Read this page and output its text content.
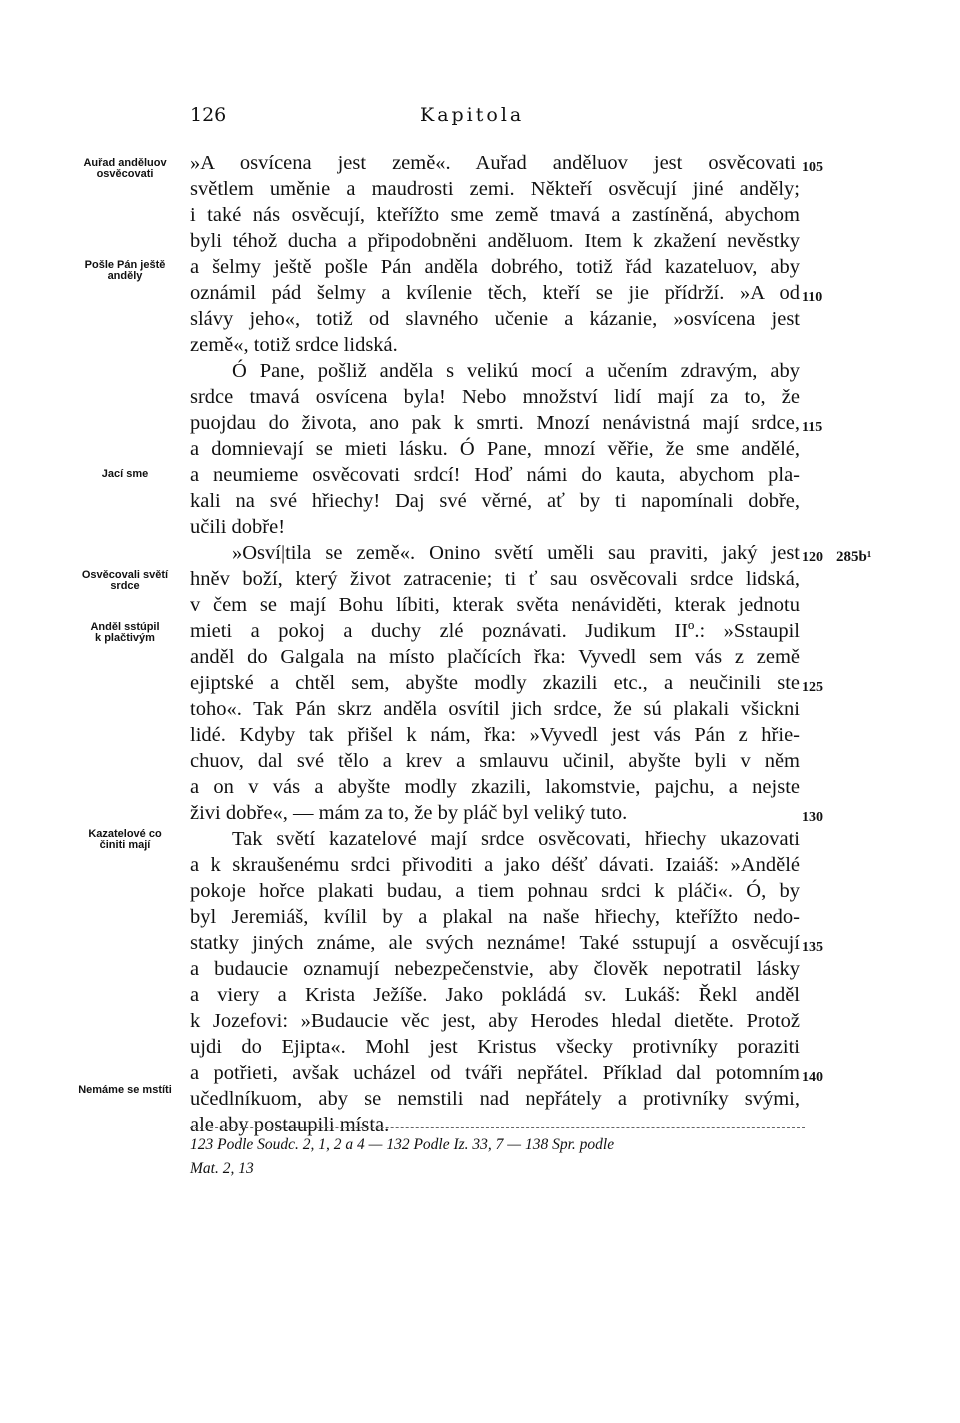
126	Kapitola
»A osvícena jest země«. Auřad anděluov jest osvěcovati
světlem uměnie a maudrosti zemi. Někteří osvěcují jiné anděly;
i také nás osvěcují, kteřížto sme země tmavá a zastíněná, abychom
byli téhož ducha a připodobněni anděluom. Item k zkažení nevěstky
a šelmy ještě pošle Pán anděla dobrého, totiž řád kazateluov, aby
oznámil pád šelmy a kvílenie těch, kteří se jie přídrží. »A od
slávy jeho«, totiž od slavného učenie a kázanie, »osvícena jest
země«, totiž srdce lidská.
Ó Pane, pošliž anděla s velikú mocí a učením zdravým, aby
srdce tmavá osvícena byla! Nebo množství lidí mají za to, že
puojdau do života, ano pak k smrti. Mnozí nenávistná mají srdce,
a domnievají se mieti lásku. Ó Pane, mnozí věřie, že sme andělé,
a neumieme osvěcovati srdcí! Hoď námi do kauta, abychom pla-
kali na své hřiechy! Daj své věrné, ať by ti napomínali dobře,
učili dobře!
»Osví|tila se země«. Onino světí uměli sau praviti, jaký jest
hněv boží, který život zatracenie; ti ť sau osvěcovali srdce lidská,
v čem se mají Bohu líbiti, kterak světa nenáviděti, kterak jednotu
mieti a pokoj a duchy zlé poznávati. Judikum IIº.: »Sstaupil
anděl do Galgala na místo plačících řka: Vyvedl sem vás z země
ejiptské a chtěl sem, abyšte modly zkazili etc., a neučinili ste
toho«. Tak Pán skrz anděla osvítil jich srdce, že sú plakali všickni
lidé. Kdyby tak přišel k nám, řka: »Vyvedl jest vás Pán z hřie-
chuov, dal své tělo a krev a smlauvu učinil, abyšte byli v něm
a on v vás a abyšte modly zkazili, lakomstvie, pajchu, a nejste
živi dobře«, — mám za to, že by pláč byl veliký tuto.
Tak světí kazatelové mají srdce osvěcovati, hřiechy ukazovati
a k skraušenému srdci přivoditi a jako déšť dávati. Izaiáš: »Andělé
pokoje hořce plakati budau, a tiem pohnau srdci k pláči«. Ó, by
byl Jeremiáš, kvílil by a plakal na naše hřiechy, kteřížto nedo-
statky jiných známe, ale svých neznáme! Také sstupují a osvěcují
a budaucie oznamují nebezpečenstvie, aby člověk nepotratil lásky
a viery a Krista Ježíše. Jako pokládá sv. Lukáš: Řekl anděl
k Jozefovi: »Budaucie věc jest, aby Herodes hledal dietěte. Protož
ujdi do Ejipta«. Mohl jest Kristus všecky protivníky poraziti
a potřieti, avšak ucházel od tváři nepřátel. Příklad dal potomním
učedlníkuom, aby se nemstili nad nepřátely a protivníky svými,
ale aby postaupili místa.
Auřad anděluov
osvěcovati
Pošle Pán ještě
anděly
Jací sme
Osvěcovali světí
srdce
Anděl sstúpil
k plačtivým
Kazatelové co
činiti mají
Nemáme se mstíti
105
110
115
120
125
130
135
140
285b¹
123 Podle Soudc. 2, 1, 2 a 4 — 132 Podle Iz. 33, 7 — 138 Spr. podle
Mat. 2, 13
